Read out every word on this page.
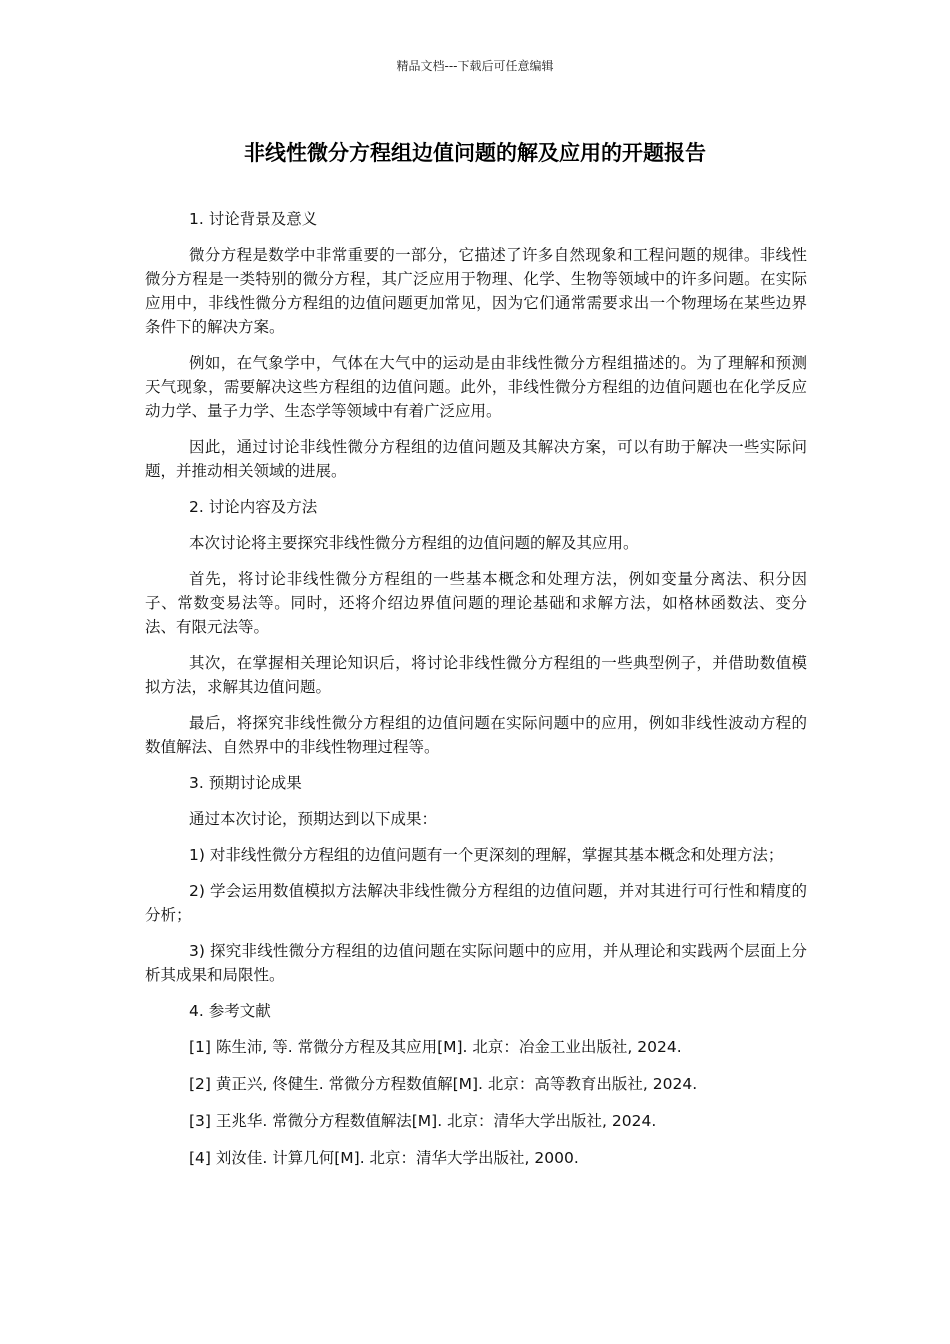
精品文档---下载后可任意编辑
非线性微分方程组边值问题的解及应用的开题报告
1. 讨论背景及意义

微分方程是数学中非常重要的一部分，它描述了许多自然现象和工程问题的规律。非线性微分方程是一类特别的微分方程，其广泛应用于物理、化学、生物等领域中的许多问题。在实际应用中，非线性微分方程组的边值问题更加常见，因为它们通常需要求出一个物理场在某些边界条件下的解决方案。

例如，在气象学中，气体在大气中的运动是由非线性微分方程组描述的。为了理解和预测天气现象，需要解决这些方程组的边值问题。此外，非线性微分方程组的边值问题也在化学反应动力学、量子力学、生态学等领域中有着广泛应用。

因此，通过讨论非线性微分方程组的边值问题及其解决方案，可以有助于解决一些实际问题，并推动相关领域的进展。

2. 讨论内容及方法

本次讨论将主要探究非线性微分方程组的边值问题的解及其应用。

首先，将讨论非线性微分方程组的一些基本概念和处理方法，例如变量分离法、积分因子、常数变易法等。同时，还将介绍边界值问题的理论基础和求解方法，如格林函数法、变分法、有限元法等。

其次，在掌握相关理论知识后，将讨论非线性微分方程组的一些典型例子，并借助数值模拟方法，求解其边值问题。

最后，将探究非线性微分方程组的边值问题在实际问题中的应用，例如非线性波动方程的数值解法、自然界中的非线性物理过程等。

3. 预期讨论成果

通过本次讨论，预期达到以下成果：

1) 对非线性微分方程组的边值问题有一个更深刻的理解，掌握其基本概念和处理方法；

2) 学会运用数值模拟方法解决非线性微分方程组的边值问题，并对其进行可行性和精度的分析；

3) 探究非线性微分方程组的边值问题在实际问题中的应用，并从理论和实践两个层面上分析其成果和局限性。

4. 参考文献
[1] 陈生沛, 等. 常微分方程及其应用[M]. 北京：冶金工业出版社, 2024.
[2] 黄正兴, 佟健生. 常微分方程数值解[M]. 北京：高等教育出版社, 2024.
[3] 王兆华. 常微分方程数值解法[M]. 北京：清华大学出版社, 2024.
[4] 刘汝佳. 计算几何[M]. 北京：清华大学出版社, 2000.
